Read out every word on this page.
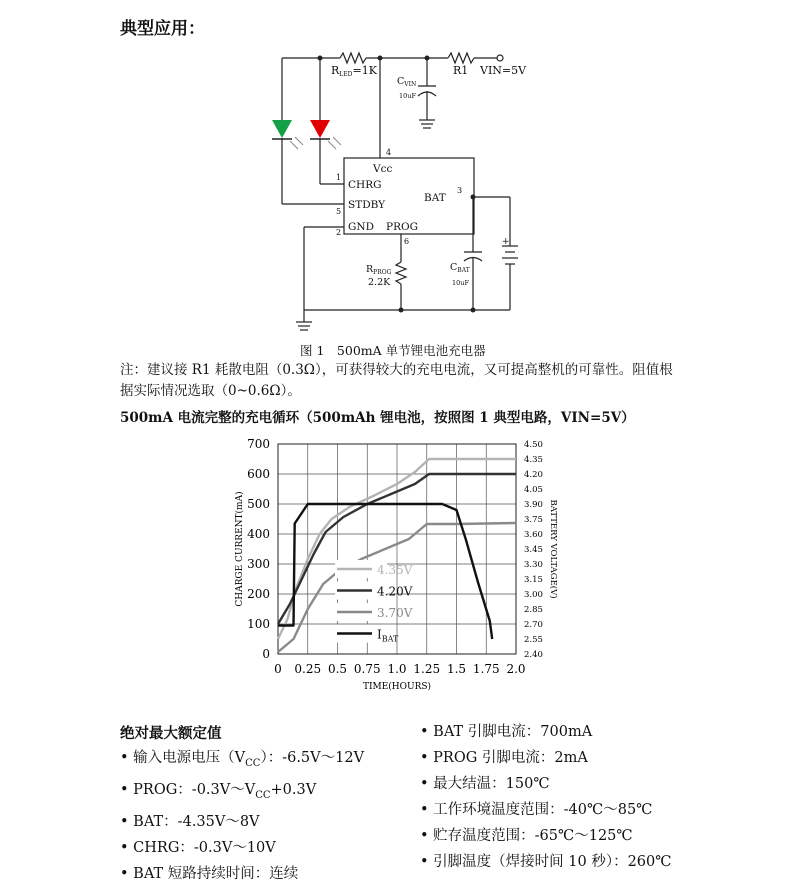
典型应用：
RLED=1K	R1 VIN=5V
$C_{VIN}$
10uF
Vcc
CHRG
STDBY
GND PROG
BAT
1
2
3
4
5
6
$R_{PROG}$
2.2K
$C_{BAT}$
10uF
+
图 1　500mA 单节锂电池充电器
注：建议接 R1 耗散电阻（0.3Ω），可获得较大的充电电流，又可提高整机的可靠性。阻值根据实际情况选取（0~0.6Ω）。
500mA 电流完整的充电循环（500mAh 锂电池，按照图 1 典型电路，VIN=5V）
0 0.25 0.5 0.75 1.0 1.25 1.5 1.75 2.0
0
100
200
300
400
500
600
700
2.40
2.55
2.70
2.85
3.00
3.15
3.30
3.45
3.60
3.75
3.90
4.05
4.20
4.35
4.50
4.35V
4.20V
3.70V
$I_{BAT}$
TIME(HOURS)
CHARGE CURRENT(mA)	BATTERY VOLTAGE(V)
绝对最大额定值
• 输入电源电压$(V_{CC})$：-6.5V～12V
• PROG：$-0.3V\sim V_{CC}+0.3V$
• BAT：-4.35V～8V
• CHRG：-0.3V～10V
• BAT 短路持续时间：连续
• BAT 引脚电流：700mA
• PROG 引脚电流：2mA
• 最大结温：150℃
• 工作环境温度范围：-40℃～85℃
• 贮存温度范围：-65℃～125℃
• 引脚温度（焊接时间 10 秒）：260℃
